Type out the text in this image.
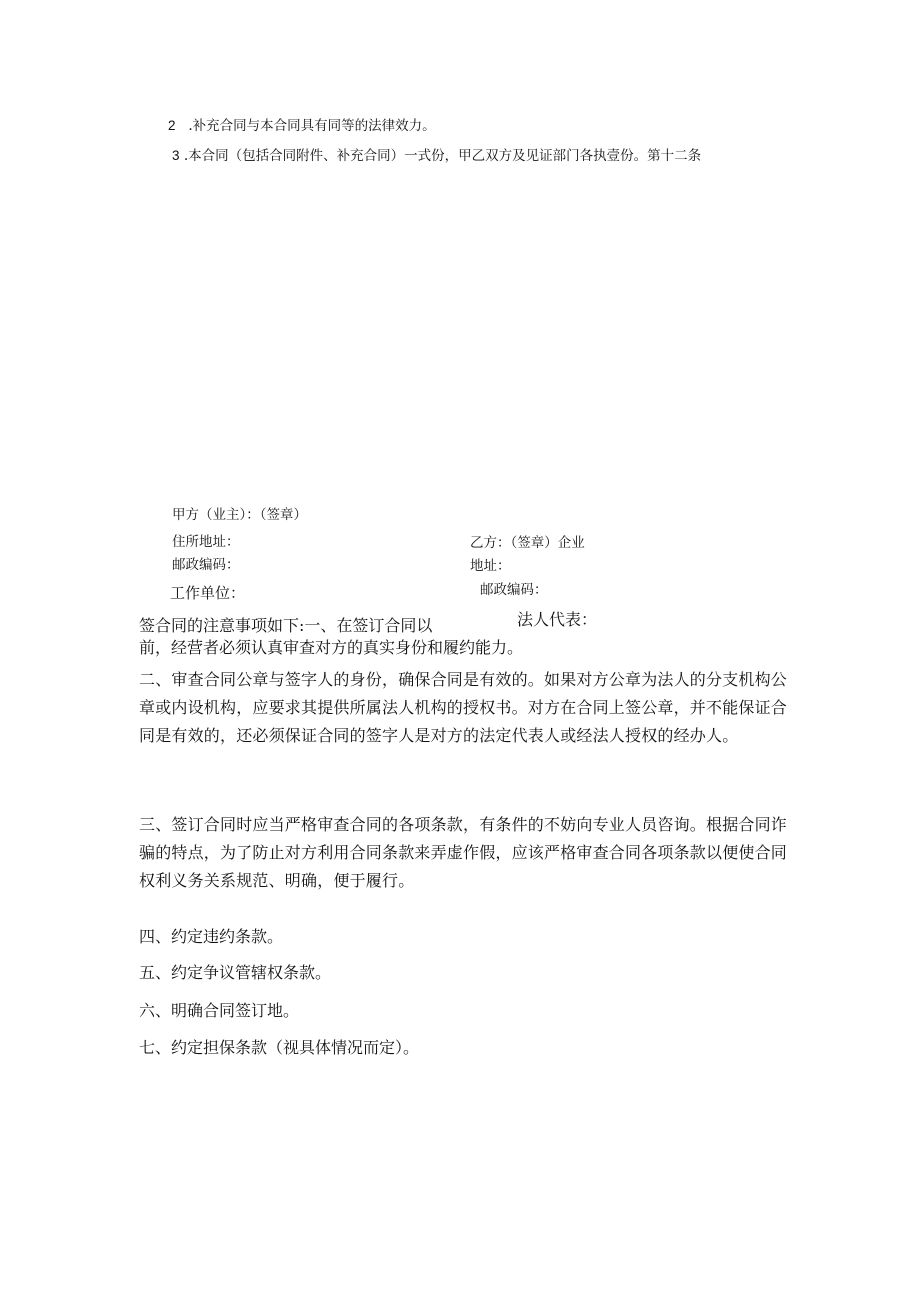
2 .补充合同与本合同具有同等的法律效力。

3 .本合同（包括合同附件、补充合同）一式份，甲乙双方及见证部门各执壹份。第十二条

甲方（业主）：（签章）

住所地址：	乙方：（签章）企业

邮政编码：	地址：

工作单位：	邮政编码：

法人代表：

签合同的注意事项如下:一、在签订合同以

前，经营者必须认真审查对方的真实身份和履约能力。

二、审查合同公章与签字人的身份，确保合同是有效的。如果对方公章为法人的分支机构公章或内设机构，应要求其提供所属法人机构的授权书。对方在合同上签公章，并不能保证合同是有效的，还必须保证合同的签字人是对方的法定代表人或经法人授权的经办人。

三、签订合同时应当严格审查合同的各项条款，有条件的不妨向专业人员咨询。根据合同诈骗的特点，为了防止对方利用合同条款来弄虚作假，应该严格审查合同各项条款以便使合同权利义务关系规范、明确，便于履行。

四、约定违约条款。

五、约定争议管辖权条款。

六、明确合同签订地。

七、约定担保条款（视具体情况而定）。
